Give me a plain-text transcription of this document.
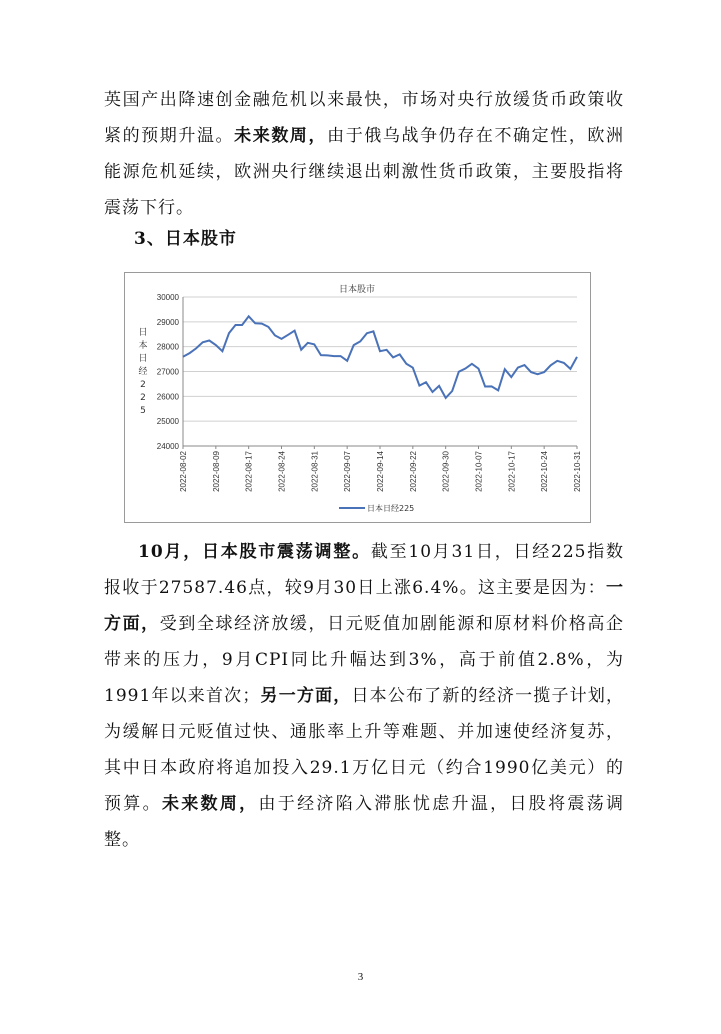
英国产出降速创金融危机以来最快，市场对央行放缓货币政策收紧的预期升温。未来数周，由于俄乌战争仍存在不确定性，欧洲能源危机延续，欧洲央行继续退出刺激性货币政策，主要股指将震荡下行。

3、日本股市
日本股市
24000
25000
26000
27000
28000
29000
30000
日
本
日
经
2
2
5
2022-08-02	2022-08-09	2022-08-17	2022-08-24	2022-08-31	2022-09-07	2022-09-14	2022-09-22	2022-09-30	2022-10-07	2022-10-17	2022-10-24	2022-10-31
日本日经225

10月，日本股市震荡调整。截至10月31日，日经225指数报收于27587.46点，较9月30日上涨6.4%。这主要是因为：一方面，受到全球经济放缓，日元贬值加剧能源和原材料价格高企带来的压力，9月CPI同比升幅达到3%，高于前值2.8%，为1991年以来首次；另一方面，日本公布了新的经济一揽子计划，为缓解日元贬值过快、通胀率上升等难题、并加速使经济复苏，其中日本政府将追加投入29.1万亿日元（约合1990亿美元）的预算。未来数周，由于经济陷入滞胀忧虑升温，日股将震荡调整。

3
